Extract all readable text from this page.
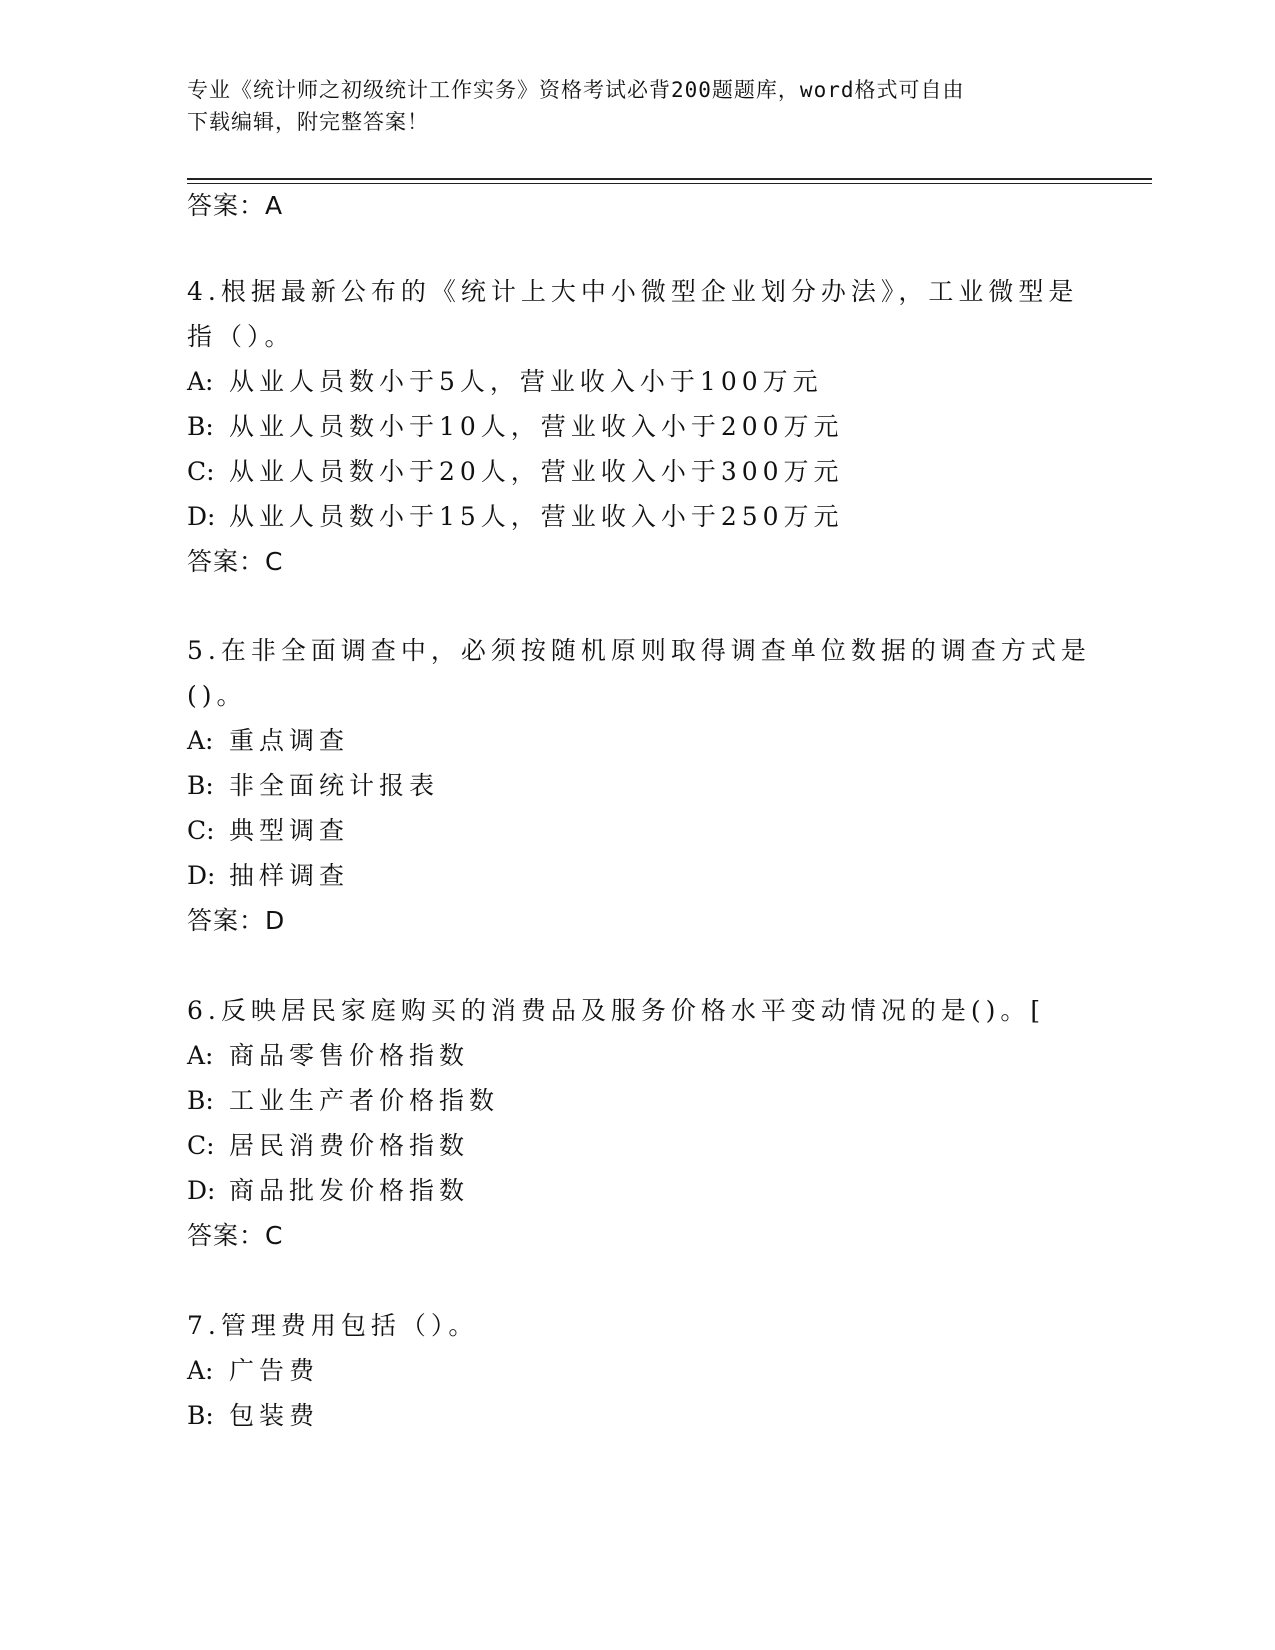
专业《统计师之初级统计工作实务》资格考试必背200题题库，word格式可自由
下载编辑，附完整答案！
答案：A
4.根据最新公布的《统计上大中小微型企业划分办法》，工业微型是
指（）。
A: 从业人员数小于5人，营业收入小于100万元
B: 从业人员数小于10人，营业收入小于200万元
C: 从业人员数小于20人，营业收入小于300万元
D: 从业人员数小于15人，营业收入小于250万元
答案：C
5.在非全面调查中，必须按随机原则取得调查单位数据的调查方式是
()。
A: 重点调查
B: 非全面统计报表
C: 典型调查
D: 抽样调查
答案：D
6.反映居民家庭购买的消费品及服务价格水平变动情况的是()。[
A: 商品零售价格指数
B: 工业生产者价格指数
C: 居民消费价格指数
D: 商品批发价格指数
答案：C
7.管理费用包括（）。
A: 广告费
B: 包装费
